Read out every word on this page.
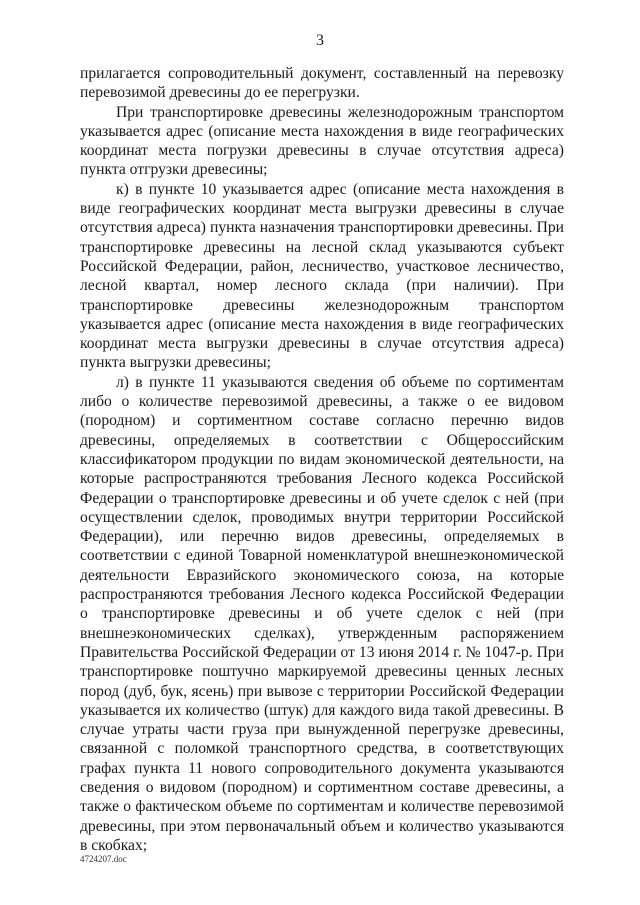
3

прилагается сопроводительный документ, составленный на перевозку перевозимой древесины до ее перегрузки.

При транспортировке древесины железнодорожным транспортом указывается адрес (описание места нахождения в виде географических координат места погрузки древесины в случае отсутствия адреса) пункта отгрузки древесины;

к) в пункте 10 указывается адрес (описание места нахождения в виде географических координат места выгрузки древесины в случае отсутствия адреса) пункта назначения транспортировки древесины. При транспортировке древесины на лесной склад указываются субъект Российской Федерации, район, лесничество, участковое лесничество, лесной квартал, номер лесного склада (при наличии). При транспортировке древесины железнодорожным транспортом указывается адрес (описание места нахождения в виде географических координат места выгрузки древесины в случае отсутствия адреса) пункта выгрузки древесины;

л) в пункте 11 указываются сведения об объеме по сортиментам либо о количестве перевозимой древесины, а также о ее видовом (породном) и сортиментном составе согласно перечню видов древесины, определяемых в соответствии с Общероссийским классификатором продукции по видам экономической деятельности, на которые распространяются требования Лесного кодекса Российской Федерации о транспортировке древесины и об учете сделок с ней (при осуществлении сделок, проводимых внутри территории Российской Федерации), или перечню видов древесины, определяемых в соответствии с единой Товарной номенклатурой внешнеэкономической деятельности Евразийского экономического союза, на которые распространяются требования Лесного кодекса Российской Федерации о транспортировке древесины и об учете сделок с ней (при внешнеэкономических сделках), утвержденным распоряжением Правительства Российской Федерации от 13 июня 2014 г. № 1047-р. При транспортировке поштучно маркируемой древесины ценных лесных пород (дуб, бук, ясень) при вывозе с территории Российской Федерации указывается их количество (штук) для каждого вида такой древесины. В случае утраты части груза при вынужденной перегрузке древесины, связанной с поломкой транспортного средства, в соответствующих графах пункта 11 нового сопроводительного документа указываются сведения о видовом (породном) и сортиментном составе древесины, а также о фактическом объеме по сортиментам и количестве перевозимой древесины, при этом первоначальный объем и количество указываются в скобках;

4724207.doc
